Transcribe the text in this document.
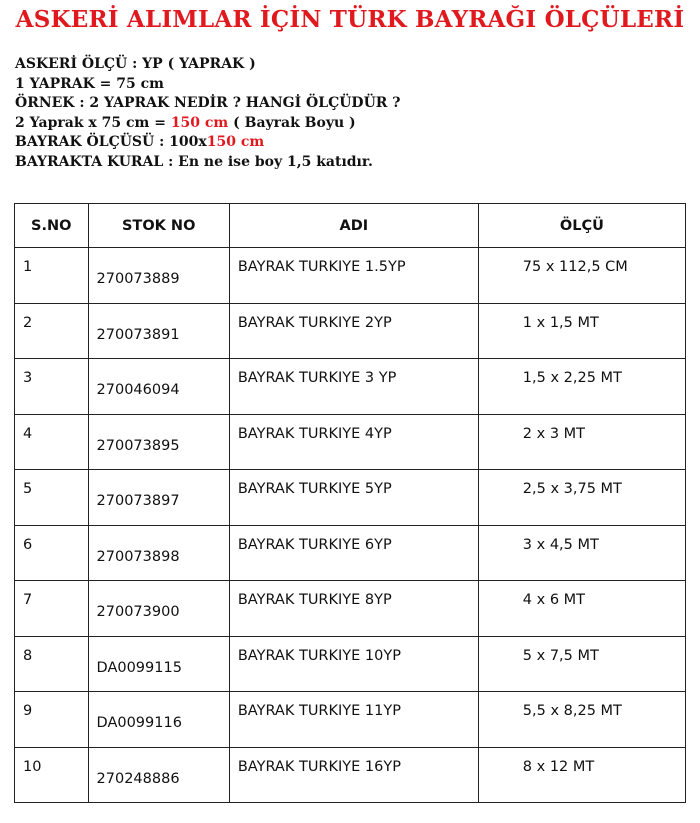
ASKERİ ALIMLAR İÇİN TÜRK BAYRAĞI ÖLÇÜLERİ
ASKERİ ÖLÇÜ : YP ( YAPRAK )
1 YAPRAK = 75 cm
ÖRNEK : 2 YAPRAK NEDİR ? HANGİ ÖLÇÜDÜR ?
2 Yaprak x 75 cm = 150 cm ( Bayrak Boyu )
BAYRAK ÖLÇÜSÜ : 100x150 cm
BAYRAKTA KURAL : En ne ise boy 1,5 katıdır.
S.NO	STOK NO	ADI	ÖLÇÜ

1	270073889	BAYRAK TURKIYE 1.5YP	75 x 112,5 CM

2	270073891	BAYRAK TURKIYE 2YP	1 x 1,5 MT

3	270046094	BAYRAK TURKIYE 3 YP	1,5 x 2,25 MT

4	270073895	BAYRAK TURKIYE 4YP	2 x 3 MT

5	270073897	BAYRAK TURKIYE 5YP	2,5 x 3,75 MT

6	270073898	BAYRAK TURKIYE 6YP	3 x 4,5 MT

7	270073900	BAYRAK TURKIYE 8YP	4 x 6 MT

8	DA0099115	BAYRAK TURKIYE 10YP	5 x 7,5 MT

9	DA0099116	BAYRAK TURKIYE 11YP	5,5 x 8,25 MT

10	270248886	BAYRAK TURKIYE 16YP	8 x 12 MT
